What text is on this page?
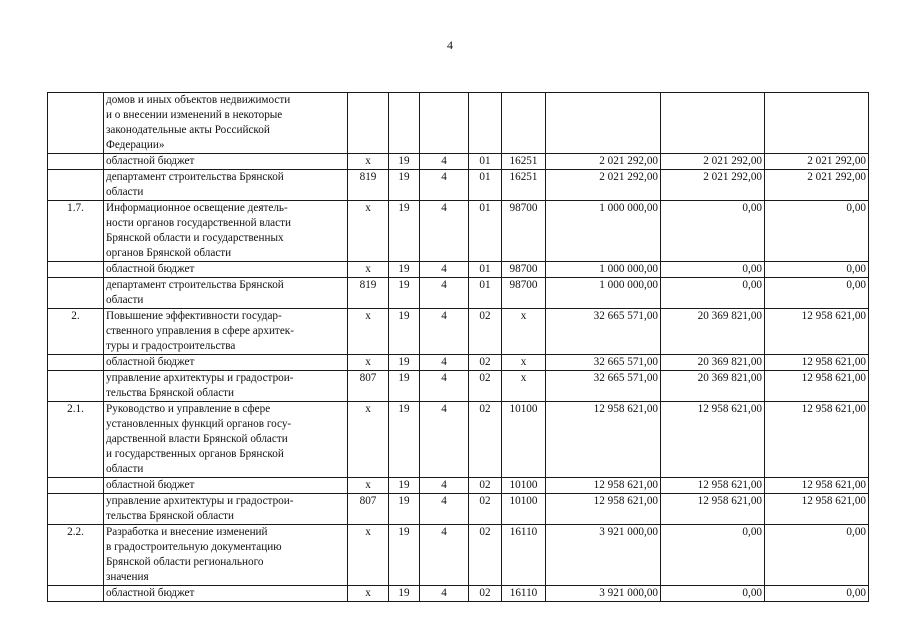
4
	домов и иных объектов недвижимости
и о внесении изменений в некоторые
законодательные акты Российской
Федерации»								
	областной бюджет	х	19	4	01	16251	2 021 292,00	2 021 292,00	2 021 292,00
	департамент строительства Брянской
области	819	19	4	01	16251	2 021 292,00	2 021 292,00	2 021 292,00
1.7.	Информационное освещение деятель-
ности органов государственной власти
Брянской области и государственных
органов Брянской области	х	19	4	01	98700	1 000 000,00	0,00	0,00
	областной бюджет	х	19	4	01	98700	1 000 000,00	0,00	0,00
	департамент строительства Брянской
области	819	19	4	01	98700	1 000 000,00	0,00	0,00
2.	Повышение эффективности государ-
ственного управления в сфере архитек-
туры и градостроительства	х	19	4	02	х	32 665 571,00	20 369 821,00	12 958 621,00
	областной бюджет	х	19	4	02	х	32 665 571,00	20 369 821,00	12 958 621,00
	управление архитектуры и градострои-
тельства Брянской области	807	19	4	02	х	32 665 571,00	20 369 821,00	12 958 621,00
2.1.	Руководство и управление в сфере
установленных функций органов госу-
дарственной власти Брянской области
и государственных органов Брянской
области	х	19	4	02	10100	12 958 621,00	12 958 621,00	12 958 621,00
	областной бюджет	х	19	4	02	10100	12 958 621,00	12 958 621,00	12 958 621,00
	управление архитектуры и градострои-
тельства Брянской области	807	19	4	02	10100	12 958 621,00	12 958 621,00	12 958 621,00
2.2.	Разработка и внесение изменений
в градостроительную документацию
Брянской области регионального
значения	х	19	4	02	16110	3 921 000,00	0,00	0,00
	областной бюджет	х	19	4	02	16110	3 921 000,00	0,00	0,00
